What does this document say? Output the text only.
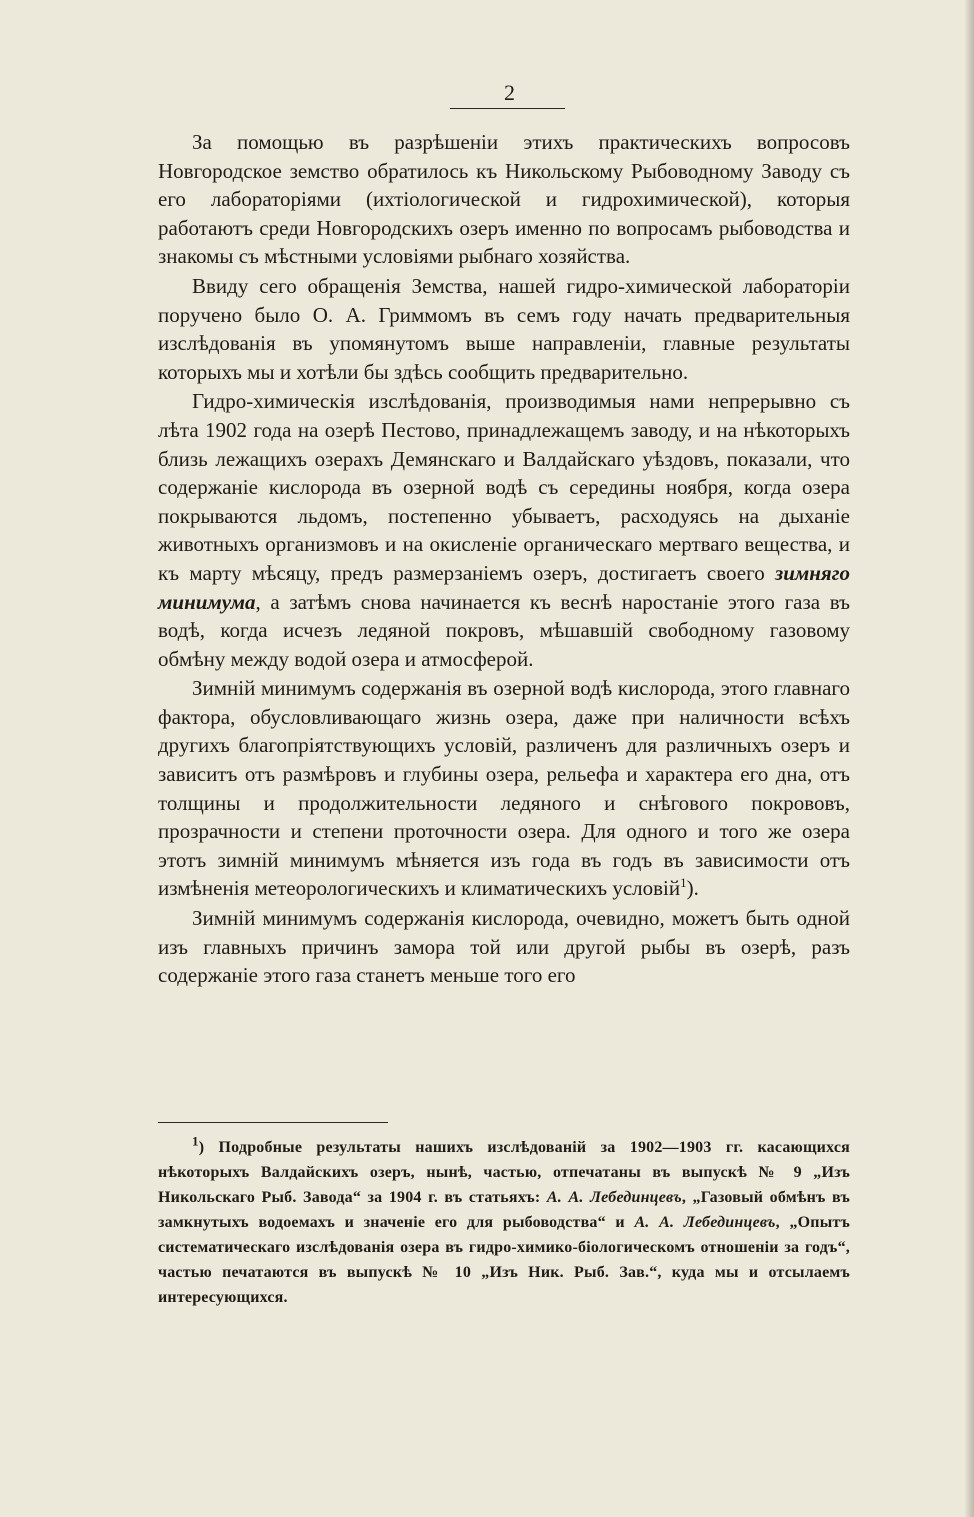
2

За помощью въ разрѣшеніи этихъ практическихъ вопросовъ Новгородское земство обратилось къ Никольскому Рыбоводному Заводу съ его лабораторіями (ихтіологической и гидрохимической), которыя работаютъ среди Новгородскихъ озеръ именно по вопросамъ рыбоводства и знакомы съ мѣстными условіями рыбнаго хозяйства.

Ввиду сего обращенія Земства, нашей гидро-химической лабораторіи поручено было О. А. Гриммомъ въ семъ году начать предварительныя изслѣдованія въ упомянутомъ выше направленіи, главные результаты которыхъ мы и хотѣли бы здѣсь сообщить предварительно.

Гидро-химическія изслѣдованія, производимыя нами непрерывно съ лѣта 1902 года на озерѣ Пестово, принадлежащемъ заводу, и на нѣкоторыхъ близь лежащихъ озерахъ Демянскаго и Валдайскаго уѣздовъ, показали, что содержаніе кислорода въ озерной водѣ съ середины ноября, когда озера покрываются льдомъ, постепенно убываетъ, расходуясь на дыханіе животныхъ организмовъ и на окисленіе органическаго мертваго вещества, и къ марту мѣсяцу, предъ размерзаніемъ озеръ, достигаетъ своего зимняго минимума, а затѣмъ снова начинается къ веснѣ наростаніе этого газа въ водѣ, когда исчезъ ледяной покровъ, мѣшавшій свободному газовому обмѣну между водой озера и атмосферой.

Зимній минимумъ содержанія въ озерной водѣ кислорода, этого главнаго фактора, обусловливающаго жизнь озера, даже при наличности всѣхъ другихъ благопріятствующихъ условій, различенъ для различныхъ озеръ и зависитъ отъ размѣровъ и глубины озера, рельефа и характера его дна, отъ толщины и продолжительности ледяного и снѣгового покрововъ, прозрачности и степени проточности озера. Для одного и того же озера этотъ зимній минимумъ мѣняется изъ года въ годъ въ зависимости отъ измѣненія метеорологическихъ и климатическихъ условій$^1$).

Зимній минимумъ содержанія кислорода, очевидно, можетъ быть одной изъ главныхъ причинъ замора той или другой рыбы въ озерѣ, разъ содержаніе этого газа станетъ меньше того его

$^1$) Подробные результаты нашихъ изслѣдованій за 1902—1903 гг. касающихся нѣкоторыхъ Валдайскихъ озеръ, нынѣ, частью, отпечатаны въ выпускѣ № 9 „Изъ Никольскаго Рыб. Завода“ за 1904 г. въ статьяхъ: А. А. Лебединцевъ, „Газовый обмѣнъ въ замкнутыхъ водоемахъ и значеніе его для рыбоводства“ и А. А. Лебединцевъ, „Опытъ систематическаго изслѣдованія озера въ гидро-химико-біологическомъ отношеніи за годъ“, частью печатаются въ выпускѣ № 10 „Изъ Ник. Рыб. Зав.“, куда мы и отсылаемъ интересующихся.
